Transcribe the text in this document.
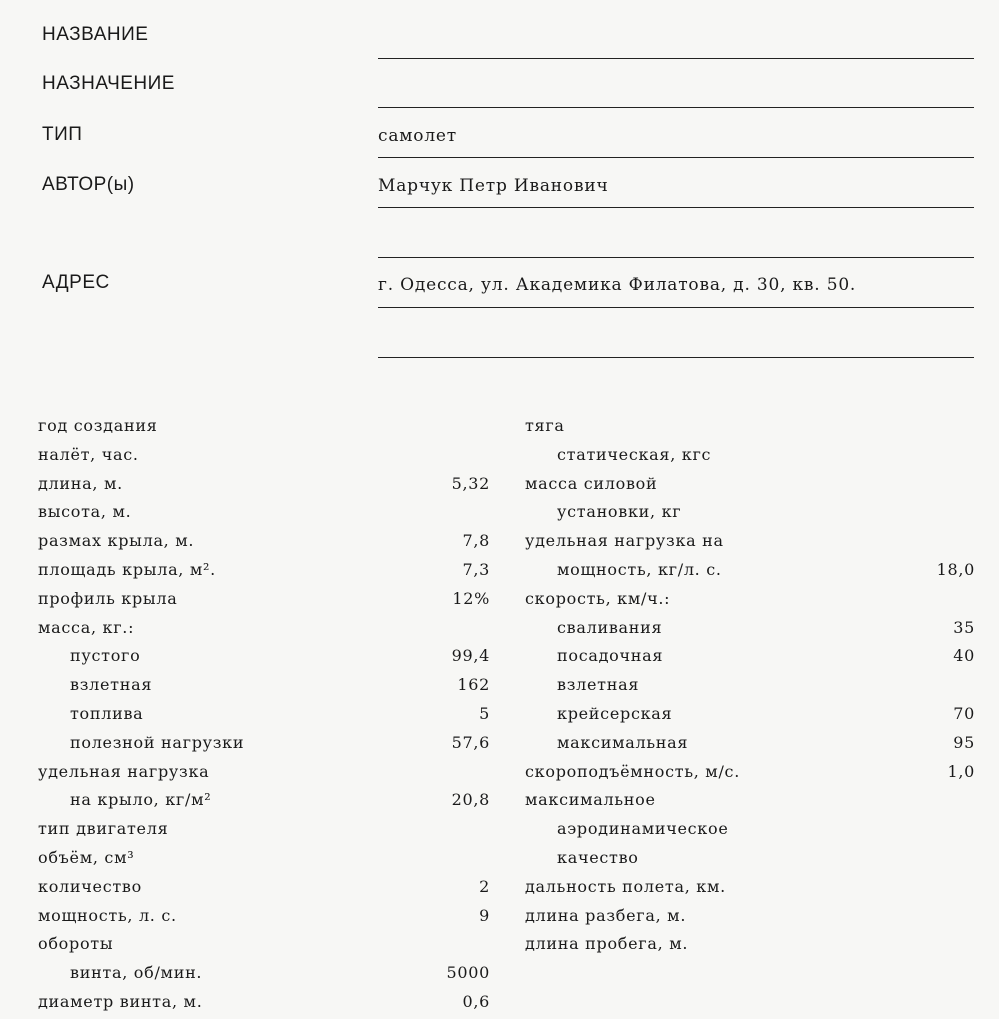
НАЗВАНИЕ
НАЗНАЧЕНИЕ
ТИП	самолет
АВТОР(ы)	Марчук Петр Иванович
АДРЕС	г. Одесса, ул. Академика Филатова, д. 30, кв. 50.
год создания
налёт, час.
длина, м.	5,32
высота, м.
размах крыла, м.	7,8
площадь крыла, м².	7,3
профиль крыла	12%
масса, кг.:
пустого	99,4
взлетная	162
топлива	5
полезной нагрузки	57,6
удельная нагрузка
на крыло, кг/м²	20,8
тип двигателя
объём, см³
количество	2
мощность, л. с.	9
обороты
винта, об/мин.	5000
диаметр винта, м.	0,6
тяга
статическая, кгс
масса силовой
установки, кг
удельная нагрузка на
мощность, кг/л. с.	18,0
скорость, км/ч.:
сваливания	35
посадочная	40
взлетная
крейсерская	70
максимальная	95
скороподъёмность, м/с.	1,0
максимальное
аэродинамическое
качество
дальность полета, км.
длина разбега, м.
длина пробега, м.
